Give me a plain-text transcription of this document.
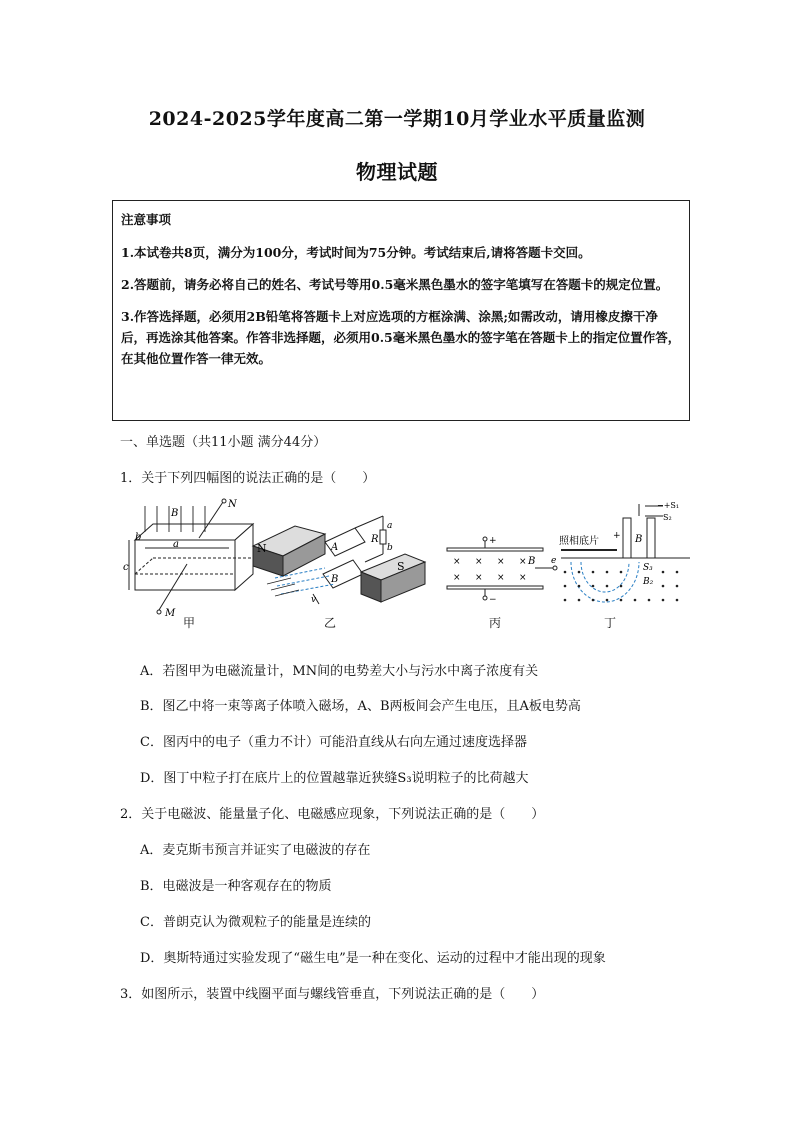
2024-2025学年度高二第一学期10月学业水平质量监测
物理试题

注意事项

1.本试卷共8页，满分为100分，考试时间为75分钟。考试结束后,请将答题卡交回。

2.答题前，请务必将自己的姓名、考试号等用0.5毫米黑色墨水的签字笔填写在答题卡的规定位置。

3.作答选择题，必须用2B铅笔将答题卡上对应选项的方框涂满、涂黑;如需改动，请用橡皮擦干净后，再选涂其他答案。作答非选择题，必须用0.5毫米黑色墨水的签字笔在答题卡上的指定位置作答，在其他位置作答一律无效。

一、单选题（共11小题 满分44分）
1．关于下列四幅图的说法正确的是（　　）
B
N
a
b
c
M
N	A
R
a
b
B
S
v
+
× × ×
× × × ×
× B e
−
照相底片
−+S₁
S₂
+ B
S₃
B₂
甲	乙	丙	丁
A．若图甲为电磁流量计，MN间的电势差大小与污水中离子浓度有关
B．图乙中将一束等离子体喷入磁场，A、B两板间会产生电压，且A板电势高
C．图丙中的电子（重力不计）可能沿直线从右向左通过速度选择器
D．图丁中粒子打在底片上的位置越靠近狭缝S₃说明粒子的比荷越大
2．关于电磁波、能量量子化、电磁感应现象，下列说法正确的是（　　）
A．麦克斯韦预言并证实了电磁波的存在
B．电磁波是一种客观存在的物质
C．普朗克认为微观粒子的能量是连续的
D．奥斯特通过实验发现了“磁生电”是一种在变化、运动的过程中才能出现的现象
3．如图所示，装置中线圈平面与螺线管垂直，下列说法正确的是（　　）
